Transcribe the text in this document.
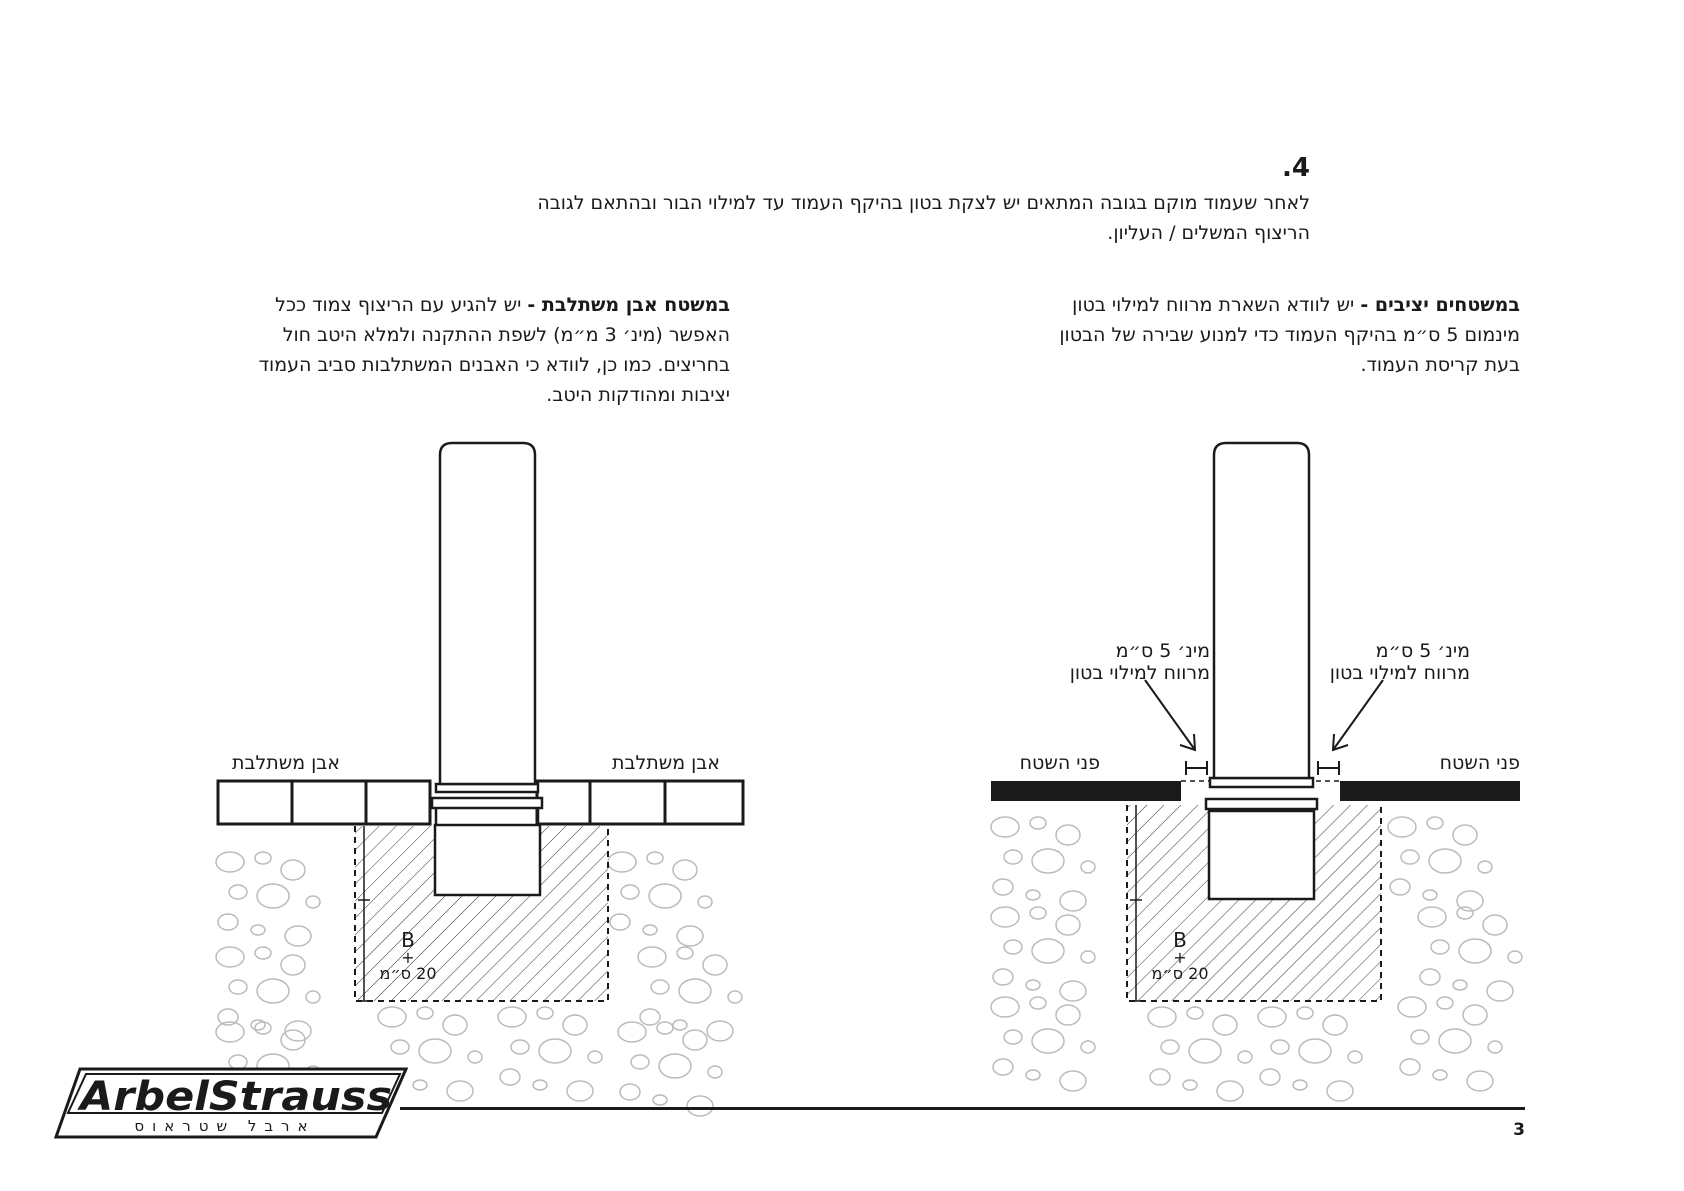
.4
לאחר שעמוד מוקם בגובה המתאים יש לצקת בטון בהיקף העמוד עד למילוי הבור ובהתאם לגובה
הריצוף המשלים / העליון.
במשטחים יציבים - יש לוודא השארת מרווח למילוי בטון
מינמום 5 ס״מ בהיקף העמוד כדי למנוע שבירה של הבטון
בעת קריסת העמוד.
במשטח אבן משתלבת - יש להגיע עם הריצוף צמוד ככל
האפשר (מינ׳ 3 מ״מ) לשפת ההתקנה ולמלא היטב חול
בחריצים. כמו כן, לוודא כי האבנים המשתלבות סביב העמוד
יציבות ומהודקות היטב.
אבן משתלבת
אבן משתלבת
B
+
20 ס״מ
פני השטח
פני השטח
מינ׳ 5 ס״מ
מרווח למילוי בטון
מינ׳ 5 ס״מ
מרווח למילוי בטון
B
+
20 ס״מ
ArbelStrauss
ארבל שטראוס	3
